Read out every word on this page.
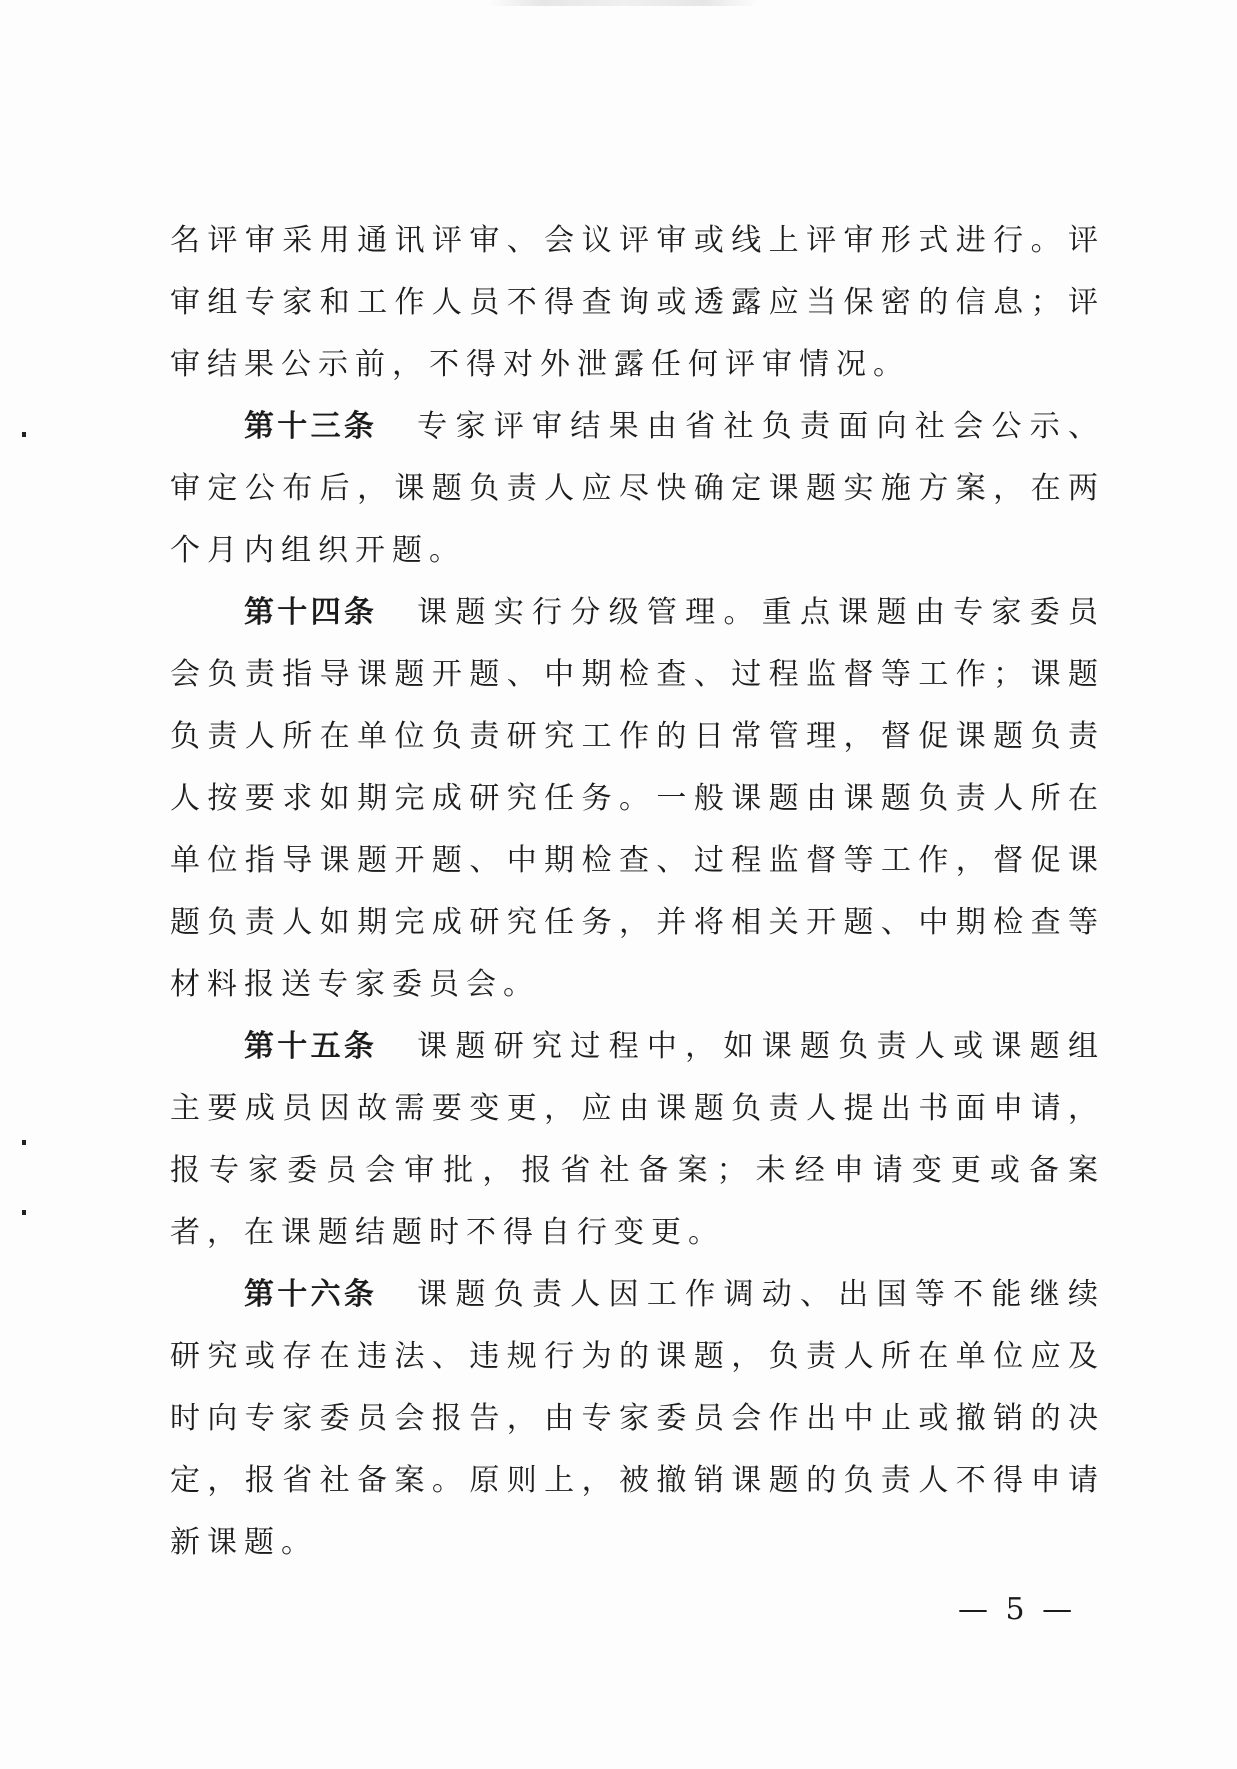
名评审采用通讯评审、会议评审或线上评审形式进行。评审组专家和工作人员不得查询或透露应当保密的信息；评审结果公示前，不得对外泄露任何评审情况。

第十三条 专家评审结果由省社负责面向社会公示、审定公布后，课题负责人应尽快确定课题实施方案，在两个月内组织开题。

第十四条 课题实行分级管理。重点课题由专家委员会负责指导课题开题、中期检查、过程监督等工作；课题负责人所在单位负责研究工作的日常管理，督促课题负责人按要求如期完成研究任务。一般课题由课题负责人所在单位指导课题开题、中期检查、过程监督等工作，督促课题负责人如期完成研究任务，并将相关开题、中期检查等材料报送专家委员会。

第十五条 课题研究过程中，如课题负责人或课题组主要成员因故需要变更，应由课题负责人提出书面申请，报专家委员会审批，报省社备案；未经申请变更或备案者，在课题结题时不得自行变更。

第十六条 课题负责人因工作调动、出国等不能继续研究或存在违法、违规行为的课题，负责人所在单位应及时向专家委员会报告，由专家委员会作出中止或撤销的决定，报省社备案。原则上，被撤销课题的负责人不得申请新课题。

— 5 —
